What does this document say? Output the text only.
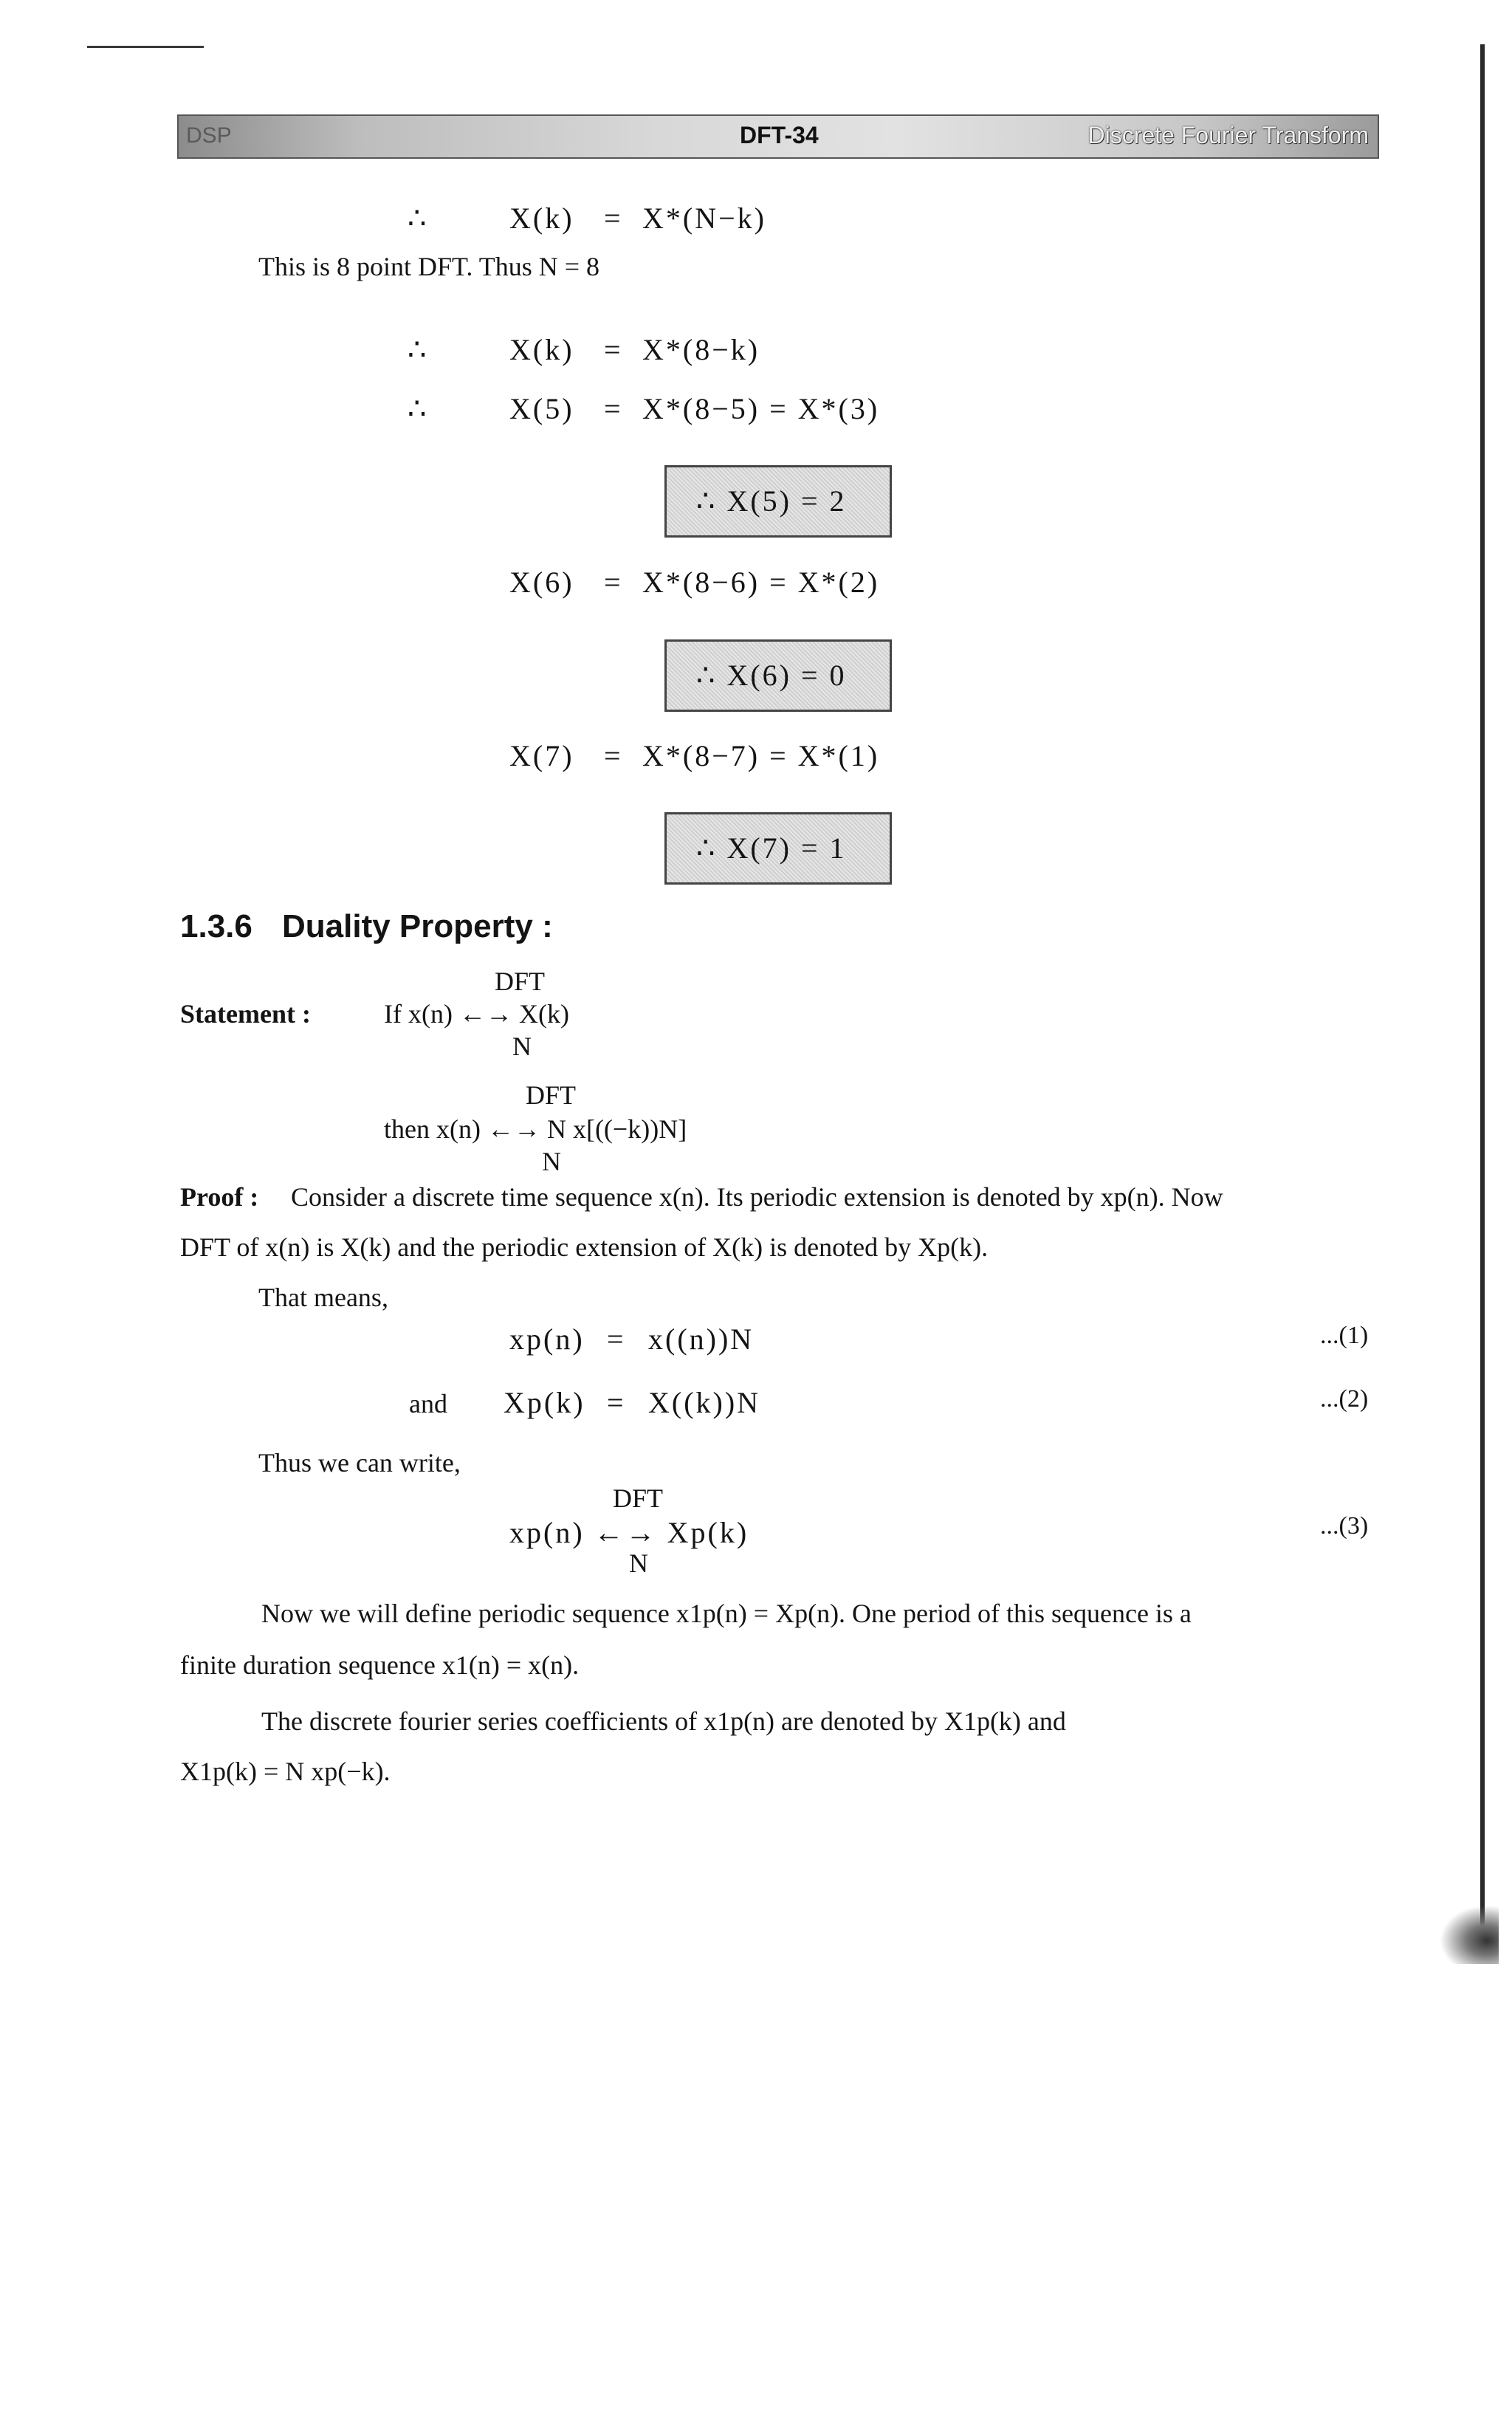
DSP	DFT-34	Discrete Fourier Transform
∴	X(k) = X*(N−k)
This is 8 point DFT. Thus N = 8
∴	X(k) = X*(8−k)
∴	X(5) = X*(8−5) = X*(3)
∴ X(5) = 2
X(6) = X*(8−6) = X*(2)
∴ X(6) = 0
X(7) = X*(8−7) = X*(1)
∴ X(7) = 1
1.3.6 Duality Property :
DFT
Statement :	If x(n) ←→ X(k)
N
DFT
then x(n) ←→ N x[((−k))N]
N
Proof : Consider a discrete time sequence x(n). Its periodic extension is denoted by xp(n). Now
DFT of x(n) is X(k) and the periodic extension of X(k) is denoted by Xp(k).
That means,
xp(n) = x((n))N	...(1)
and Xp(k) = X((k))N	...(2)
Thus we can write,
DFT
xp(n) ←→ Xp(k)
N
...(3)
Now we will define periodic sequence x1p(n) = Xp(n). One period of this sequence is a
finite duration sequence x1(n) = x(n).
The discrete fourier series coefficients of x1p(n) are denoted by X1p(k) and
X1p(k) = N xp(−k).
